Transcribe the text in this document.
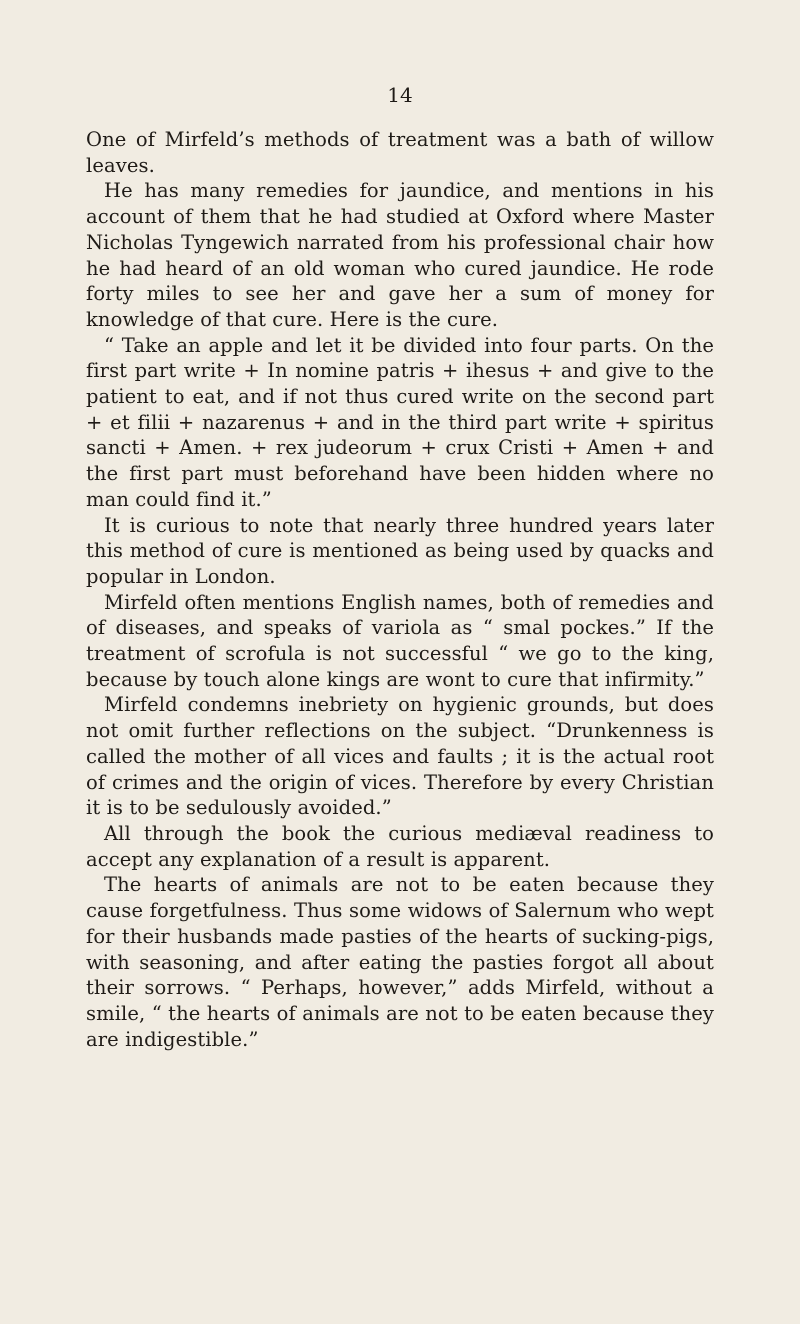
14

One of Mirfeld’s methods of treatment was a bath of willow leaves.

He has many remedies for jaundice, and mentions in his account of them that he had studied at Oxford where Master Nicholas Tyngewich narrated from his professional chair how he had heard of an old woman who cured jaundice. He rode forty miles to see her and gave her a sum of money for knowledge of that cure. Here is the cure.

“ Take an apple and let it be divided into four parts. On the first part write + In nomine patris + ihesus + and give to the patient to eat, and if not thus cured write on the second part + et filii + nazarenus + and in the third part write + spiritus sancti + Amen. + rex judeorum + crux Cristi + Amen + and the first part must beforehand have been hidden where no man could find it.”

It is curious to note that nearly three hundred years later this method of cure is mentioned as being used by quacks and popular in London.

Mirfeld often mentions English names, both of remedies and of diseases, and speaks of variola as “ smal pockes.” If the treatment of scrofula is not successful “ we go to the king, because by touch alone kings are wont to cure that infirmity.”

Mirfeld condemns inebriety on hygienic grounds, but does not omit further reflections on the subject. “Drunkenness is called the mother of all vices and faults ; it is the actual root of crimes and the origin of vices. Therefore by every Christian it is to be sedulously avoided.”

All through the book the curious mediæval readiness to accept any explanation of a result is apparent.

The hearts of animals are not to be eaten because they cause forgetfulness. Thus some widows of Salernum who wept for their husbands made pasties of the hearts of sucking-pigs, with seasoning, and after eating the pasties forgot all about their sorrows. “ Perhaps, however,” adds Mirfeld, without a smile, “ the hearts of animals are not to be eaten because they are indigestible.”
